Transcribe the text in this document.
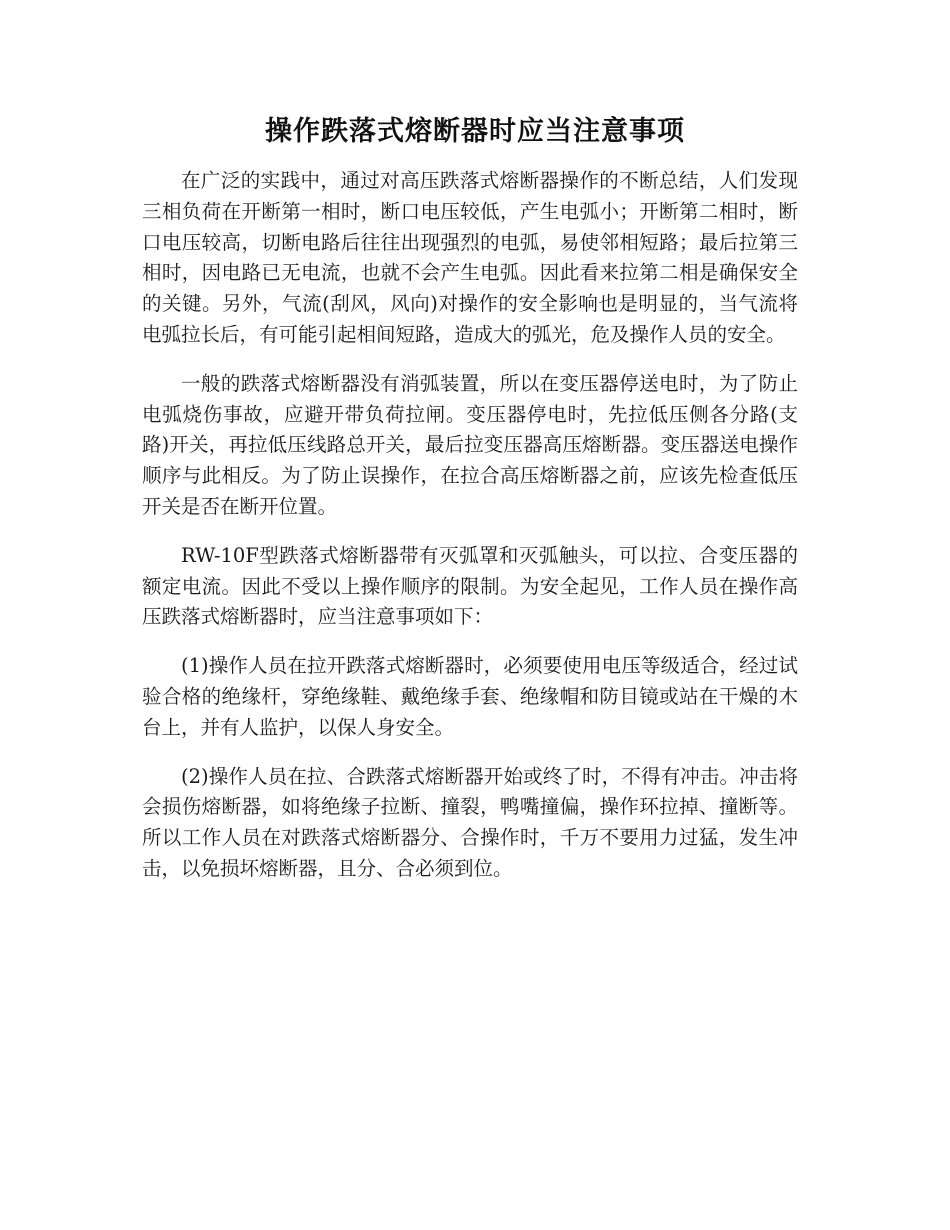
操作跌落式熔断器时应当注意事项

在广泛的实践中，通过对高压跌落式熔断器操作的不断总结，人们发现三相负荷在开断第一相时，断口电压较低，产生电弧小；开断第二相时，断口电压较高，切断电路后往往出现强烈的电弧，易使邻相短路；最后拉第三相时，因电路已无电流，也就不会产生电弧。因此看来拉第二相是确保安全的关键。另外，气流(刮风，风向)对操作的安全影响也是明显的，当气流将电弧拉长后，有可能引起相间短路，造成大的弧光，危及操作人员的安全。

一般的跌落式熔断器没有消弧装置，所以在变压器停送电时，为了防止电弧烧伤事故，应避开带负荷拉闸。变压器停电时，先拉低压侧各分路(支路)开关，再拉低压线路总开关，最后拉变压器高压熔断器。变压器送电操作顺序与此相反。为了防止误操作，在拉合高压熔断器之前，应该先检查低压开关是否在断开位置。

RW-10F型跌落式熔断器带有灭弧罩和灭弧触头，可以拉、合变压器的额定电流。因此不受以上操作顺序的限制。为安全起见，工作人员在操作高压跌落式熔断器时，应当注意事项如下：

(1)操作人员在拉开跌落式熔断器时，必须要使用电压等级适合，经过试验合格的绝缘杆，穿绝缘鞋、戴绝缘手套、绝缘帽和防目镜或站在干燥的木台上，并有人监护，以保人身安全。

(2)操作人员在拉、合跌落式熔断器开始或终了时，不得有冲击。冲击将会损伤熔断器，如将绝缘子拉断、撞裂，鸭嘴撞偏，操作环拉掉、撞断等。所以工作人员在对跌落式熔断器分、合操作时，千万不要用力过猛，发生冲击，以免损坏熔断器，且分、合必须到位。
